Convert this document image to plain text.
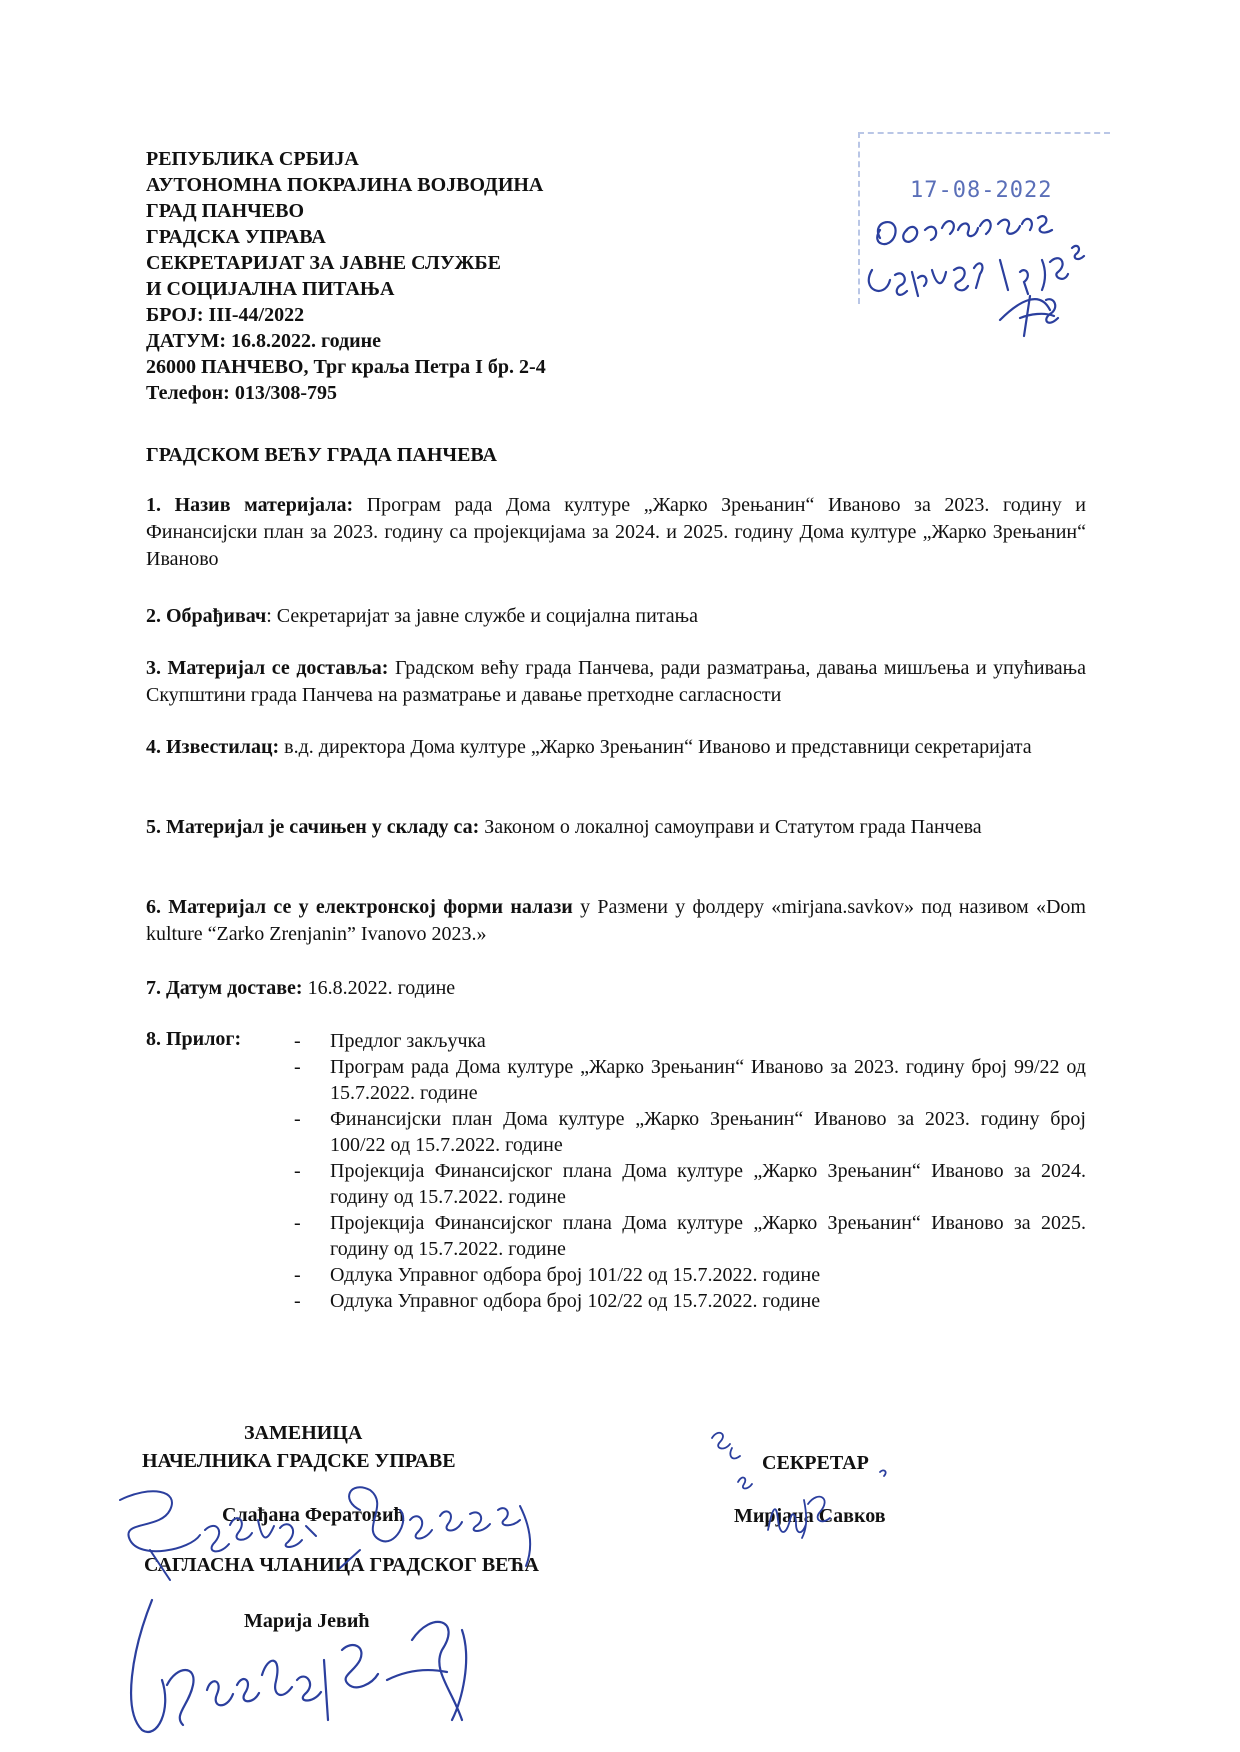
РЕПУБЛИКА СРБИЈА
АУТОНОМНА ПОКРАЈИНА ВОЈВОДИНА
ГРАД ПАНЧЕВО
ГРАДСКА УПРАВА
СЕКРЕТАРИЈАТ ЗА ЈАВНЕ СЛУЖБЕ
И СОЦИЈАЛНА ПИТАЊА
БРОЈ: III-44/2022
ДАТУМ: 16.8.2022. године
26000 ПАНЧЕВО, Трг краља Петра I бр. 2-4
Телефон: 013/308-795
17-08-2022
ГРАДСКОМ ВЕЋУ ГРАДА ПАНЧЕВА
1. Назив материјала: Програм рада Дома културе „Жарко Зрењанин“ Иваново за 2023. годину и Финансијски план за 2023. годину са пројекцијама за 2024. и 2025. годину Дома културе „Жарко Зрењанин“ Иваново
2. Обрађивач: Секретаријат за јавне службе и социјална питања
3. Материјал се доставља: Градском већу града Панчева, ради разматрања, давања мишљења и упућивања Скупштини града Панчева на разматрање и давање претходне сагласности
4. Известилац: в.д. директора Дома културе „Жарко Зрењанин“ Иваново и представници секретаријата
5. Материјал је сачињен у складу са: Законом о локалној самоуправи и Статутом града Панчева
6. Материјал се у електронској форми налази у Размени у фолдеру «mirjana.savkov» под називом «Dom kulture “Zarko Zrenjanin” Ivanovo 2023.»
7. Датум доставе: 16.8.2022. године
8. Прилог:
-	Предлог закључка
- Програм рада Дома културе „Жарко Зрењанин“ Иваново за 2023. годину број 99/22 од 15.7.2022. године
- Финансијски план Дома културе „Жарко Зрењанин“ Иваново за 2023. годину број 100/22 од 15.7.2022. године
- Пројекција Финансијског плана Дома културе „Жарко Зрењанин“ Иваново за 2024. годину од 15.7.2022. године
- Пројекција Финансијског плана Дома културе „Жарко Зрењанин“ Иваново за 2025. годину од 15.7.2022. године
- Одлука Управног одбора број 101/22 од 15.7.2022. године
- Одлука Управног одбора број 102/22 од 15.7.2022. године
ЗАМЕНИЦА
НАЧЕЛНИКА ГРАДСКЕ УПРАВЕ
Слађана Ферaтовић
САГЛАСНА ЧЛАНИЦА ГРАДСКОГ ВЕЋА
Марија Јевић
СЕКРЕТАР
Мирјана Савков
